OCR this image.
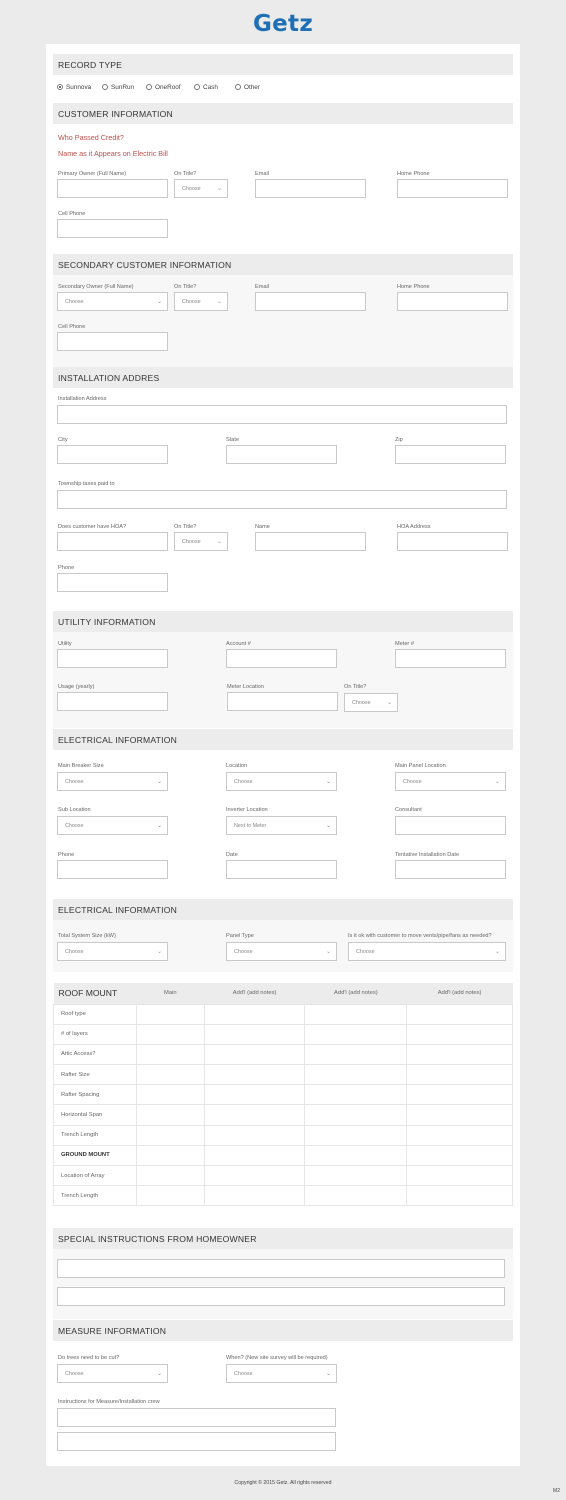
Getz
RECORD TYPE
Sunnova	SunRun	OneRoof	Cash	Other
CUSTOMER INFORMATION
Who Passed Credit?
Name as it Appears on Electric Bill
Primary Owner (Full Name)	On Title?
Choose	⌄
Email	Home Phone
Cell Phone
SECONDARY CUSTOMER INFORMATION
Secondary Owner (Full Name)
Choose	⌄
On Title?
Choose	⌄
Email	Home Phone
Cell Phone
INSTALLATION ADDRES
Installation Address
City	State	Zip
Township taxes paid to
Does customer have HOA?	On Title?
Choose	⌄
Name	HOA Address
Phone
UTILITY INFORMATION
Utility	Account #	Meter #
Usage (yearly)	Meter Location	On Title?
Choose	⌄
ELECTRICAL INFORMATION
Main Breaker Size
Choose	⌄
Location
Choose	⌄
Main Panel Location
Choose	⌄
Sub Location
Choose	⌄
Inverter Location
Next to Meter	⌄
Consultant
Phone	Date	Tentative Installation Date
ELECTRICAL INFORMATION
Total System Size (kW)
Choose	⌄
Panel Type
Choose	⌄
Is it ok with customer to move vents/pipe/fans as needed?
Choose	⌄
ROOF MOUNT	Main	Add'l (add notes)	Add'l (add notes)	Add'l (add notes)
Roof type				
# of layers				
Attic Access?				
Rafter Size				
Rafter Spacing				
Horizontal Span				
Trench Length				
GROUND MOUNT				
Location of Array				
Trench Length				
SPECIAL INSTRUCTIONS FROM HOMEOWNER
MEASURE INFORMATION
Do trees need to be cut?
Choose	⌄
When? (New site survey will be required)
Choose	⌄
Instructions for Measure/Installation crew
Copyright © 2015 Getz. All rights reserved
M2
